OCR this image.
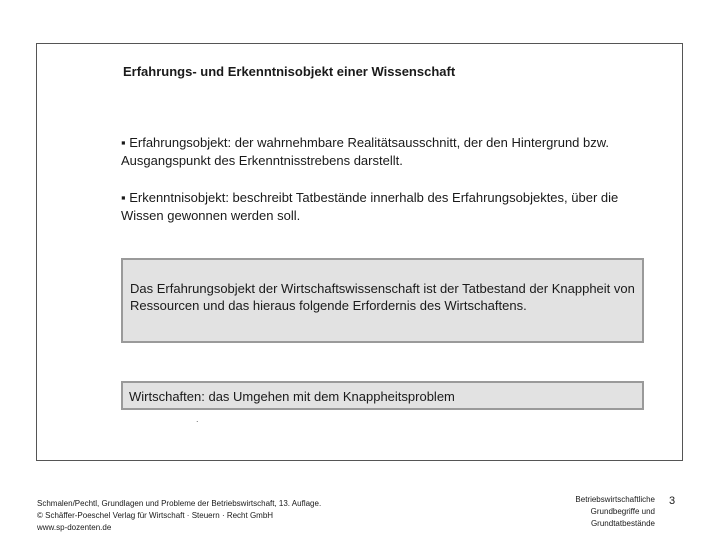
Erfahrungs- und Erkenntnisobjekt einer Wissenschaft
▪ Erfahrungsobjekt: der wahrnehmbare Realitätsausschnitt, der den Hintergrund bzw. Ausgangspunkt des Erkenntnisstrebens darstellt.
▪ Erkenntnisobjekt: beschreibt Tatbestände innerhalb des Erfahrungsobjektes, über die Wissen gewonnen werden soll.
Das Erfahrungsobjekt der Wirtschaftswissenschaft ist der Tatbestand der Knappheit von Ressourcen und das hieraus folgende Erfordernis des Wirtschaftens.
Wirtschaften: das Umgehen mit dem Knappheitsproblem
.
Schmalen/Pechtl, Grundlagen und Probleme der Betriebswirtschaft, 13. Auflage.
© Schäffer-Poeschel Verlag für Wirtschaft · Steuern · Recht GmbH
www.sp-dozenten.de
Betriebswirtschaftliche
Grundbegriffe und
Grundtatbestände
3
